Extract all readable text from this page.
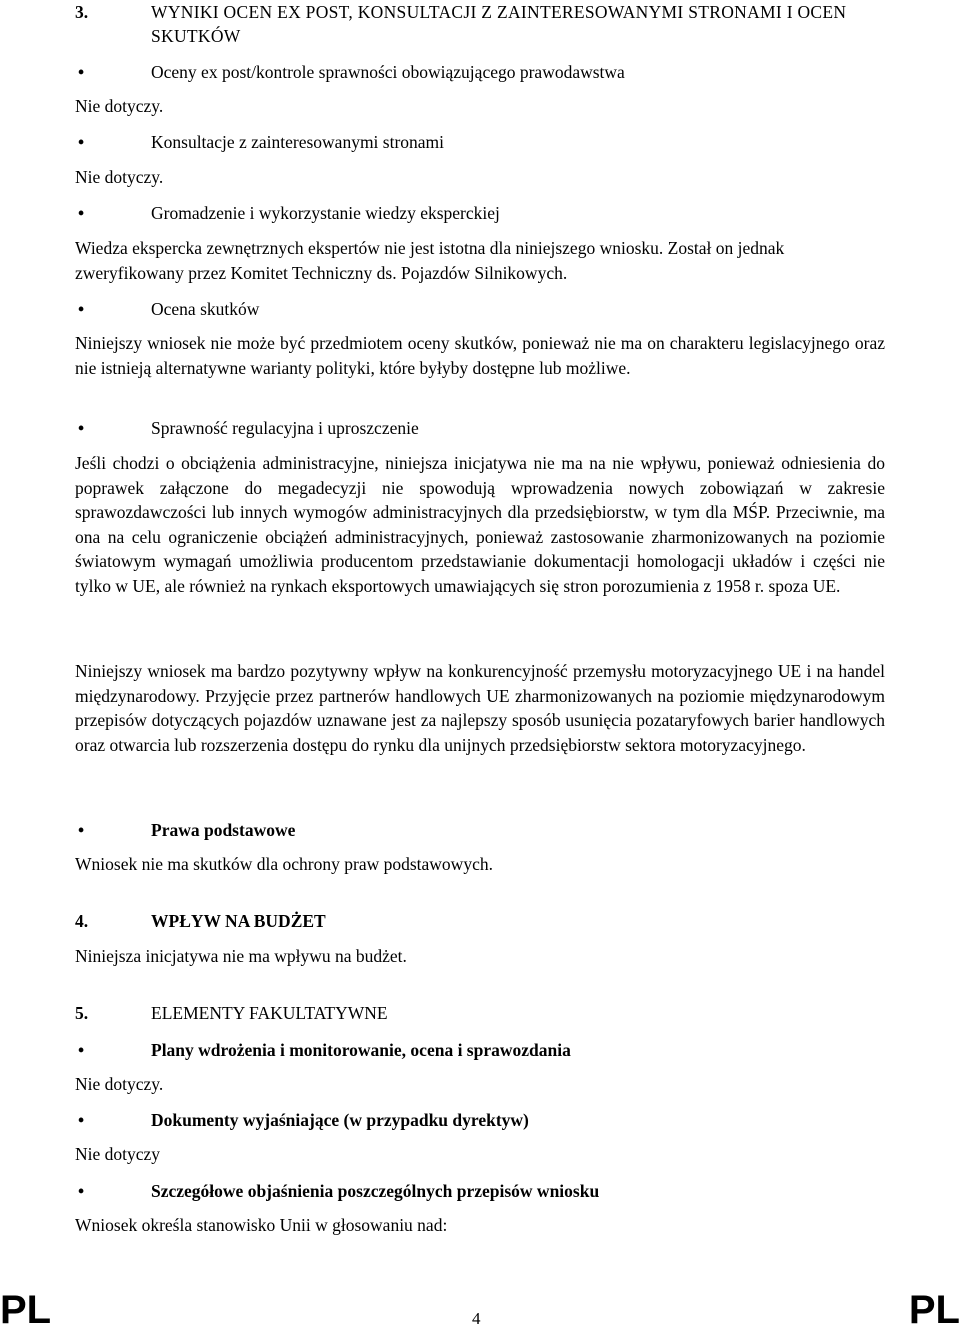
3.	WYNIKI OCEN EX POST, KONSULTACJI Z ZAINTERESOWANYMI STRONAMI I OCEN SKUTKÓW
•	Oceny ex post/kontrole sprawności obowiązującego prawodawstwa

Nie dotyczy.

•	Konsultacje z zainteresowanymi stronami

Nie dotyczy.

•	Gromadzenie i wykorzystanie wiedzy eksperckiej

Wiedza ekspercka zewnętrznych ekspertów nie jest istotna dla niniejszego wniosku. Został on jednak zweryfikowany przez Komitet Techniczny ds. Pojazdów Silnikowych.

•	Ocena skutków

Niniejszy wniosek nie może być przedmiotem oceny skutków, ponieważ nie ma on charakteru legislacyjnego oraz nie istnieją alternatywne warianty polityki, które byłyby dostępne lub możliwe.

•	Sprawność regulacyjna i uproszczenie

Jeśli chodzi o obciążenia administracyjne, niniejsza inicjatywa nie ma na nie wpływu, ponieważ odniesienia do poprawek załączone do megadecyzji nie spowodują wprowadzenia nowych zobowiązań w zakresie sprawozdawczości lub innych wymogów administracyjnych dla przedsiębiorstw, w tym dla MŚP. Przeciwnie, ma ona na celu ograniczenie obciążeń administracyjnych, ponieważ zastosowanie zharmonizowanych na poziomie światowym wymagań umożliwia producentom przedstawianie dokumentacji homologacji układów i części nie tylko w UE, ale również na rynkach eksportowych umawiających się stron porozumienia z 1958 r. spoza UE.

Niniejszy wniosek ma bardzo pozytywny wpływ na konkurencyjność przemysłu motoryzacyjnego UE i na handel międzynarodowy. Przyjęcie przez partnerów handlowych UE zharmonizowanych na poziomie międzynarodowym przepisów dotyczących pojazdów uznawane jest za najlepszy sposób usunięcia pozataryfowych barier handlowych oraz otwarcia lub rozszerzenia dostępu do rynku dla unijnych przedsiębiorstw sektora motoryzacyjnego.

•	Prawa podstawowe

Wniosek nie ma skutków dla ochrony praw podstawowych.

4.	WPŁYW NA BUDŻET

Niniejsza inicjatywa nie ma wpływu na budżet.

5.	ELEMENTY FAKULTATYWNE
•	Plany wdrożenia i monitorowanie, ocena i sprawozdania

Nie dotyczy.

•	Dokumenty wyjaśniające (w przypadku dyrektyw)

Nie dotyczy

•	Szczegółowe objaśnienia poszczególnych przepisów wniosku

Wniosek określa stanowisko Unii w głosowaniu nad:

PL	4	PL
